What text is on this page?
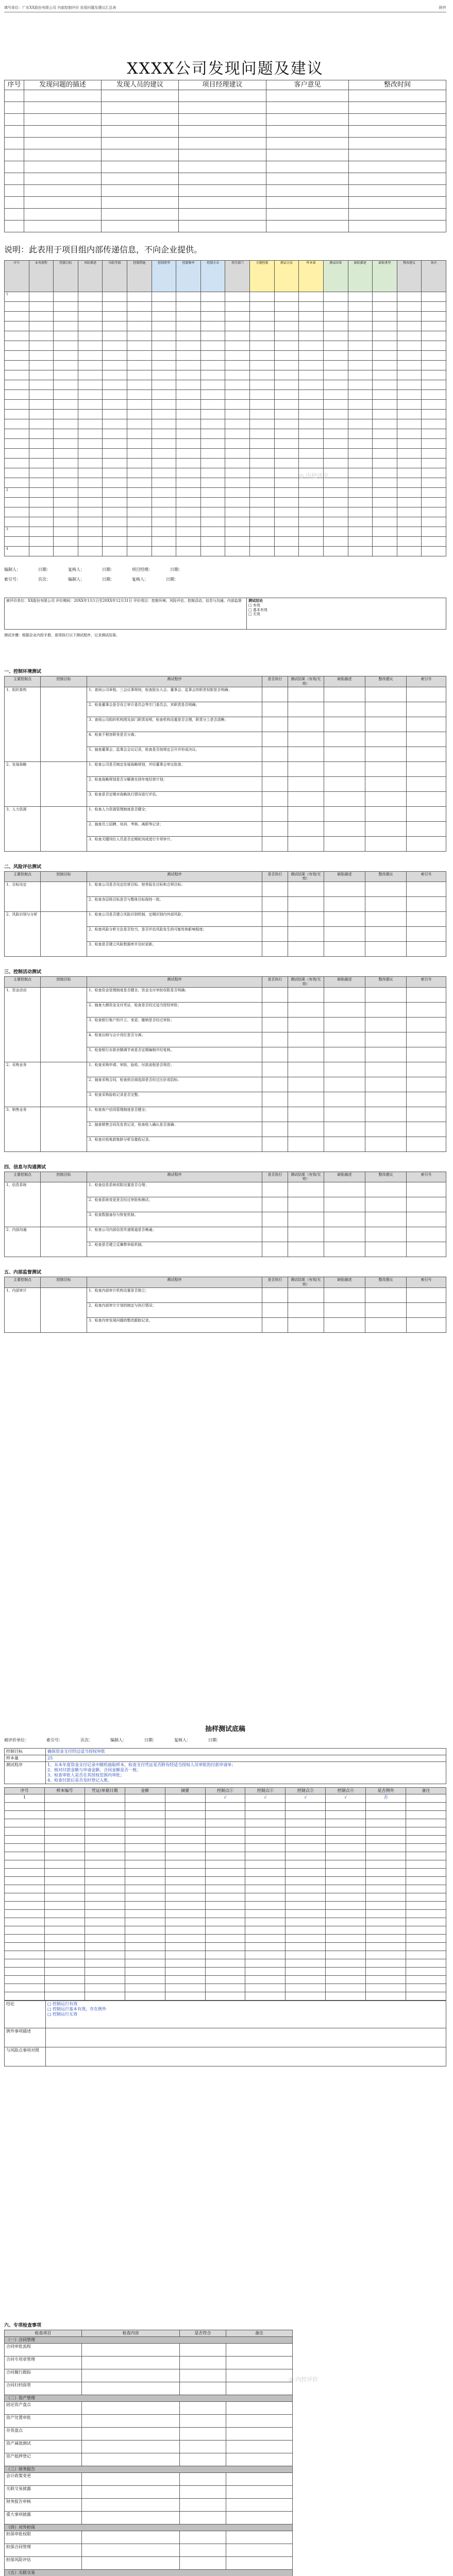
填写单位：广东XX股份有限公司 内部控制评价 发现问题及建议汇总表	附件
XXXX公司发现问题及建议
序号	发现问题的描述	发现人员的建议	项目经理建议	客户意见	整改时间

说明：此表用于项目组内部传递信息，不向企业提供。
序号	业务流程	控制目标	风险描述	风险等级	控制措施	控制类型	控制频率	控制方式	责任部门	关键控制	测试方法	样本量	测试结果	缺陷描述	缺陷类型	整改建议	备注
1																	

2																	

3																	

4																	
◎ 内控评价
编制人：	日期：	复核人：	日期：	项目经理：	日期：
索引号：	页次：	编制人：	日期：	复核人：	日期：
被评价单位：XX股份有限公司 评价期间：20XX年1月1日至20XX年12月31日 评价项目：控制环境、风险评估、控制活动、信息与沟通、内部监督	测试结论
□ 有效
□ 基本有效
□ 无效
测试步骤：根据企业内控手册，逐项执行以下测试程序，记录测试结果。
一、控制环境测试
主要控制点	控制目标	测试程序	是否执行	测试结果（有效/无效）	缺陷描述	整改建议	索引号
1、组织架构		1、查阅公司章程、三会议事规则，检查股东大会、董事会、监事会的职责权限是否明确；					
		2、检查董事会是否设立审计委员会等专门委员会，其职责是否明确；					
		3、查阅公司组织机构图及部门职责说明，检查机构设置是否合理，职责分工是否清晰；					
		4、检查不相容职务是否分离；					
		5、抽查董事会、监事会会议记录，检查是否按规定召开并形成决议。					
2、发展战略		1、检查公司是否制定发展战略规划，并经董事会审议批准；					
		2、检查战略规划是否分解落实到年度经营计划；					
		3、检查是否定期对战略执行情况进行评估。					
3、人力资源		1、检查人力资源管理制度是否健全；					
		2、抽查员工招聘、培训、考核、离职等记录；					
		3、检查关键岗位人员是否定期轮岗或进行专项审计。					
二、风险评估测试
主要控制点	控制目标	测试程序	是否执行	测试结果（有效/无效）	缺陷描述	整改建议	索引号
1、目标设定		1、检查公司是否设定经营目标、财务报告目标和合规目标；					
		2、检查各层级目标是否与整体目标保持一致。					
2、风险识别与分析		1、检查公司是否建立风险识别机制，定期识别内外部风险；					
		2、检查风险分析方法是否恰当，是否评估风险发生的可能性和影响程度；					
		3、检查是否建立风险数据库并及时更新。					
三、控制活动测试
主要控制点	控制目标	测试程序	是否执行	测试结果（有效/无效）	缺陷描述	整改建议	索引号
1、资金活动		1、检查资金管理制度是否健全，资金支付审批权限是否明确；					
		2、抽查大额资金支付凭证，检查是否经过适当授权审批；					
		3、检查银行账户的开立、变更、撤销是否经过审批；					
		4、检查出纳与会计岗位是否分离；					
		5、检查银行存款余额调节表是否定期编制并经复核。					
2、采购业务		1、检查采购申请、审批、验收、付款流程是否规范；					
		2、抽查采购合同，检查供应商选择是否经过比价或招标；					
		3、检查采购验收记录是否完整。					
3、销售业务		1、检查客户信用管理制度是否健全；					
		2、抽查销售合同及发货记录，检查收入确认是否准确；					
		3、检查应收账款账龄分析及催收记录。					
四、信息与沟通测试
主要控制点	控制目标	测试程序	是否执行	测试结果（有效/无效）	缺陷描述	整改建议	索引号
1、信息系统		1、检查信息系统权限设置是否合理；					
		2、检查系统变更是否经过审批和测试；					
		3、检查数据备份与恢复机制。					
2、内部沟通		1、检查公司内部信息传递渠道是否畅通；					
		2、检查是否建立反舞弊举报机制。					
五、内部监督测试
主要控制点	控制目标	测试程序	是否执行	测试结果（有效/无效）	缺陷描述	整改建议	索引号
1、内部审计		1、检查内部审计机构设置是否独立；					
		2、检查内部审计计划的制定与执行情况；					
		3、检查内审发现问题的整改跟踪记录。					
抽样测试底稿
被评价单位：	索引号：	页次：	编制人：	日期：	复核人：	日期：
控制目标	确保资金支付经过适当授权审批
样本量	25
测试程序	1、从本年度资金支付记录中随机抽取样本，检查支付凭证是否附有经适当授权人员审批的付款申请单；
2、核对付款金额与申请金额、合同金额是否一致；
3、检查审批人是否在其授权范围内审批；
4、检查付款后是否及时登记入账。
序号	样本编号	凭证/单据日期	金额	摘要	控制点①	控制点②	控制点③	控制点④	是否例外	备注
1					√	√	√	√	否	

结论	□ 控制运行有效
□ 控制运行基本有效，存在例外
□ 控制运行无效

例外事项描述	
与风险点事项对照	
◎ 内控评价
六、专项检查事项
检查项目	检查内容	是否符合	备注
（一）合同管理			
合同审批流程			
合同专用章管理			
合同履行跟踪			
合同归档保管			
（二）资产管理			
固定资产盘点			
资产处置审批			
存货盘点			
资产减值测试			
资产抵押登记			
（三）财务报告			
会计政策变更			
关联交易披露			
财务报告审核			
重大事项披露			
（四）对外担保			
担保审批权限			
担保合同管理			
担保风险评估			
（五）关联交易			
